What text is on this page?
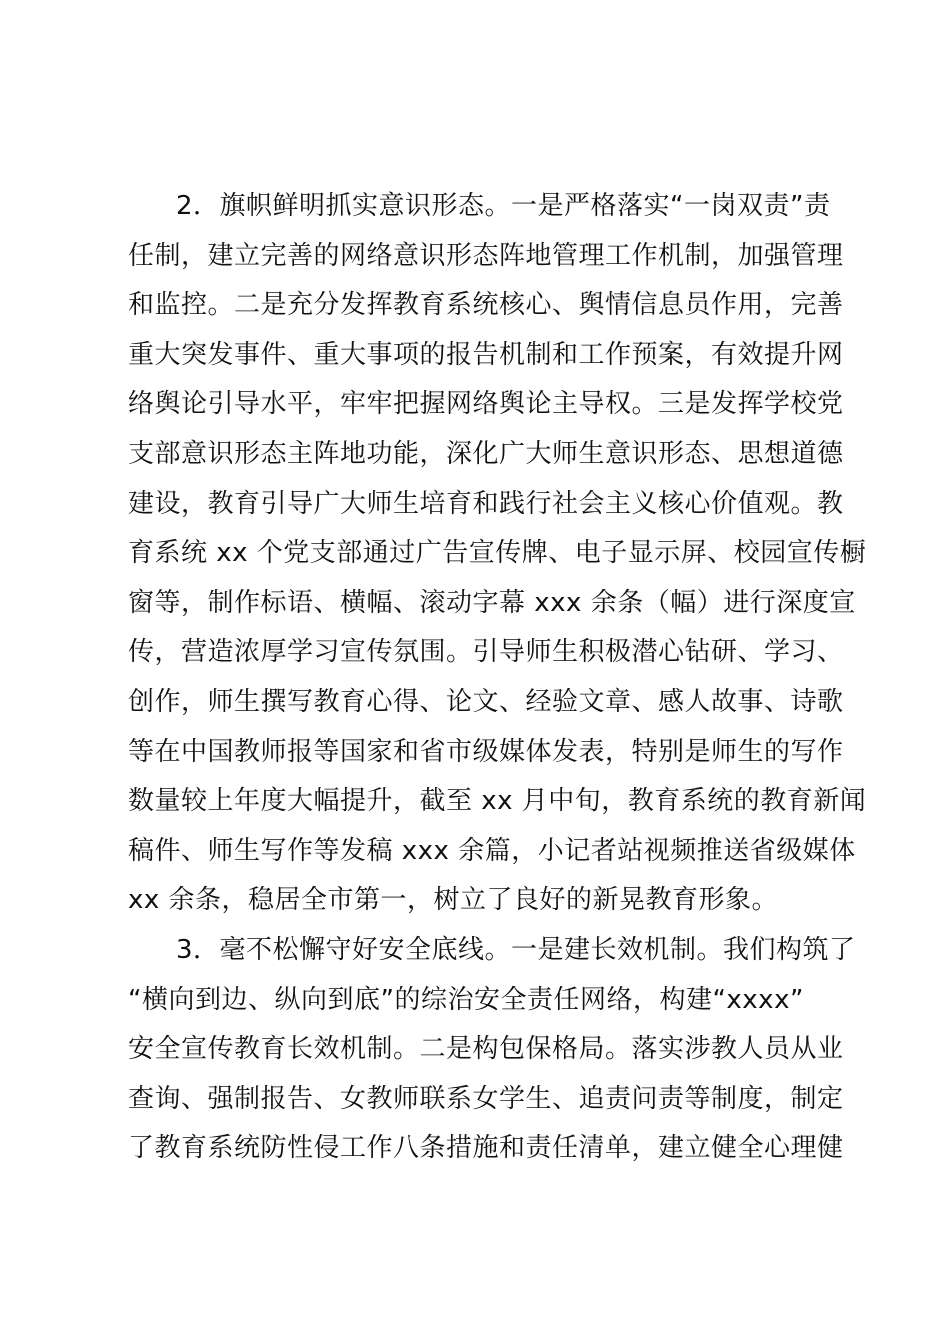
2．旗帜鲜明抓实意识形态。一是严格落实“一岗双责”责
任制，建立完善的网络意识形态阵地管理工作机制，加强管理
和监控。二是充分发挥教育系统核心、舆情信息员作用，完善
重大突发事件、重大事项的报告机制和工作预案，有效提升网
络舆论引导水平，牢牢把握网络舆论主导权。三是发挥学校党
支部意识形态主阵地功能，深化广大师生意识形态、思想道德
建设，教育引导广大师生培育和践行社会主义核心价值观。教
育系统 xx 个党支部通过广告宣传牌、电子显示屏、校园宣传橱
窗等，制作标语、横幅、滚动字幕 xxx 余条（幅）进行深度宣
传，营造浓厚学习宣传氛围。引导师生积极潜心钻研、学习、
创作，师生撰写教育心得、论文、经验文章、感人故事、诗歌
等在中国教师报等国家和省市级媒体发表，特别是师生的写作
数量较上年度大幅提升，截至 xx 月中旬，教育系统的教育新闻
稿件、师生写作等发稿 xxx 余篇，小记者站视频推送省级媒体
xx 余条，稳居全市第一，树立了良好的新晃教育形象。
3．毫不松懈守好安全底线。一是建长效机制。我们构筑了
“横向到边、纵向到底”的综治安全责任网络，构建“xxxx”
安全宣传教育长效机制。二是构包保格局。落实涉教人员从业
查询、强制报告、女教师联系女学生、追责问责等制度，制定
了教育系统防性侵工作八条措施和责任清单，建立健全心理健
